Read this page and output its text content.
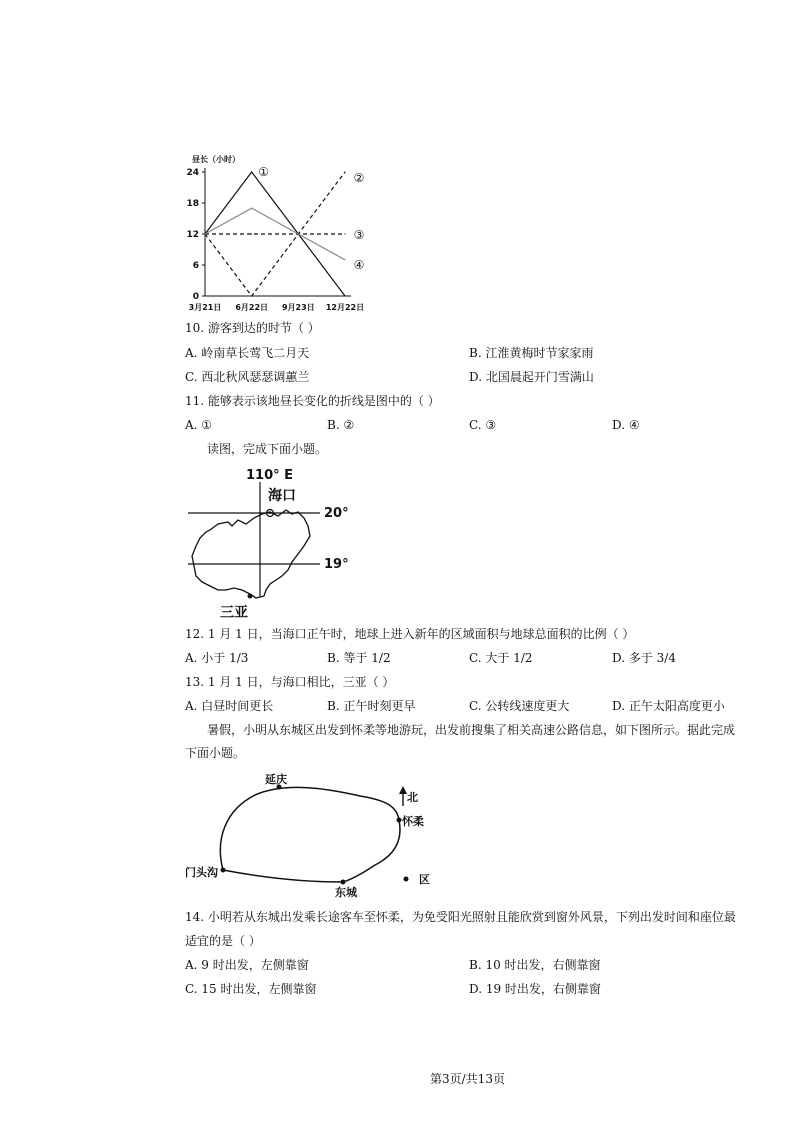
昼长（小时）
0
6
12
18
24
3月21日 6月22日 9月23日 12月22日
①	②
③
④
10. 游客到达的时节（ ）
A. 岭南草长莺飞二月天	B. 江淮黄梅时节家家雨
C. 西北秋风瑟瑟调蕙兰	D. 北国晨起开门雪满山
11. 能够表示该地昼长变化的折线是图中的（ ）
A. ①	B. ②	C. ③	D. ④
读图，完成下面小题。
110° E
海口
20°
19°
三亚
12. 1 月 1 日，当海口正午时，地球上进入新年的区域面积与地球总面积的比例（ ）
A. 小于 1/3	B. 等于 1/2	C. 大于 1/2	D. 多于 3/4
13. 1 月 1 日，与海口相比，三亚（ ）
A. 白昼时间更长	B. 正午时刻更早	C. 公转线速度更大	D. 正午太阳高度更小
暑假，小明从东城区出发到怀柔等地游玩，出发前搜集了相关高速公路信息，如下图所示。据此完成
下面小题。
延庆
北
怀柔
门头沟
东城
区
14. 小明若从东城出发乘长途客车至怀柔，为免受阳光照射且能欣赏到窗外风景，下列出发时间和座位最
适宜的是（ ）
A. 9 时出发，左侧靠窗	B. 10 时出发，右侧靠窗
C. 15 时出发，左侧靠窗	D. 19 时出发，右侧靠窗
第3页/共13页
